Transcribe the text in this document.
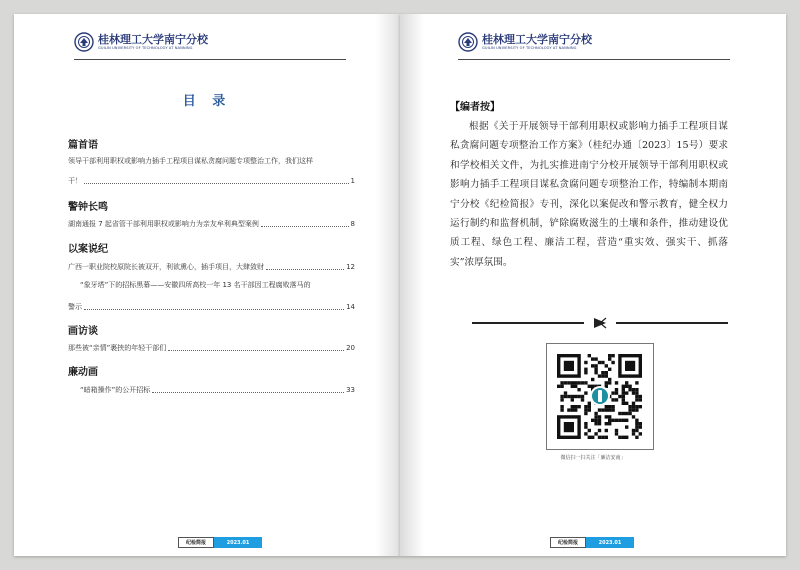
桂林理工大学南宁分校
GUILIN UNIVERSITY OF TECHNOLOGY AT NANNING
目 录
篇首语
领导干部利用职权或影响力插手工程项目谋私贪腐问题专项整治工作，我们这样
干！	1
警钟长鸣
湖南通报 7 起省管干部利用职权或影响力为亲友牟利典型案例	8
以案说纪
广西一职业院校原院长被双开，利欲熏心，插手项目，大肆敛财	12
“象牙塔”下的招标黑幕——安徽四所高校一年 13 名干部因工程腐败落马的
警示	14
画访谈
那些被“亲情”裹挟的年轻干部们	20
廉动画
“暗箱操作”的公开招标	33
纪检简报	2023.01
桂林理工大学南宁分校
GUILIN UNIVERSITY OF TECHNOLOGY AT NANNING
【编者按】
根据《关于开展领导干部利用职权或影响力插手工程项目谋私贪腐问题专项整治工作方案》（桂纪办通〔2023〕15号）要求和学校相关文件，为扎实推进南宁分校开展领导干部利用职权或影响力插手工程项目谋私贪腐问题专项整治工作，特编制本期南宁分校《纪检简报》专刊，深化以案促改和警示教育，健全权力运行制约和监督机制，铲除腐败滋生的土壤和条件，推动建设优质工程、绿色工程、廉洁工程，营造“重实效、强实干、抓落实”浓厚氛围。
微信扫一扫关注「廉洁安南」
纪检简报	2023.01
